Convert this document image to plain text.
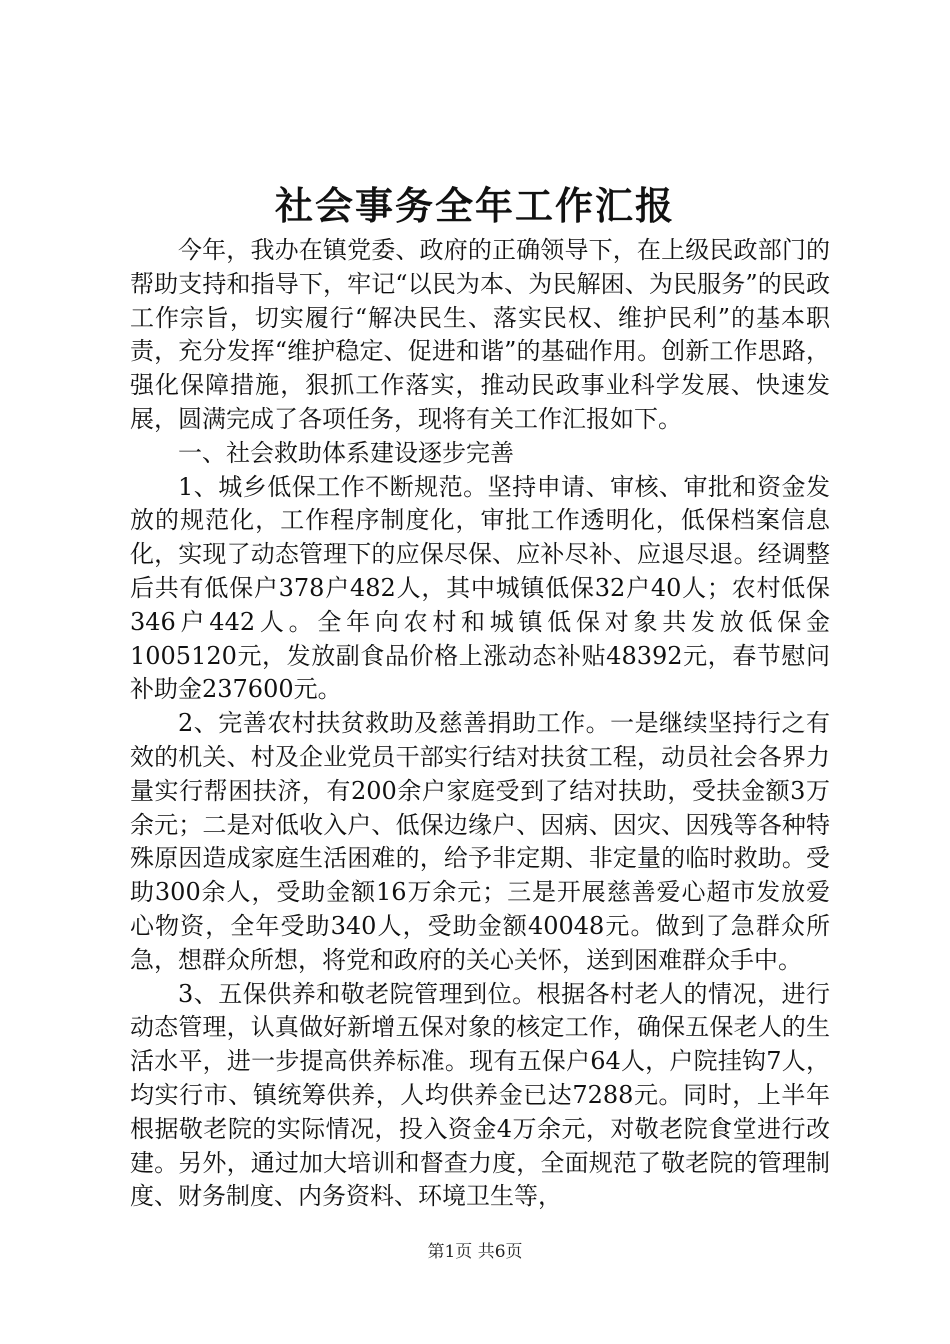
社会事务全年工作汇报

今年，我办在镇党委、政府的正确领导下，在上级民政部门的帮助支持和指导下，牢记“以民为本、为民解困、为民服务”的民政工作宗旨，切实履行“解决民生、落实民权、维护民利”的基本职责，充分发挥“维护稳定、促进和谐”的基础作用。创新工作思路，强化保障措施，狠抓工作落实，推动民政事业科学发展、快速发展，圆满完成了各项任务，现将有关工作汇报如下。

一、社会救助体系建设逐步完善

1、城乡低保工作不断规范。坚持申请、审核、审批和资金发放的规范化，工作程序制度化，审批工作透明化，低保档案信息化，实现了动态管理下的应保尽保、应补尽补、应退尽退。经调整后共有低保户378户482人，其中城镇低保32户40人；农村低保346户442人。全年向农村和城镇低保对象共发放低保金1005120元，发放副食品价格上涨动态补贴48392元，春节慰问补助金237600元。

2、完善农村扶贫救助及慈善捐助工作。一是继续坚持行之有效的机关、村及企业党员干部实行结对扶贫工程，动员社会各界力量实行帮困扶济，有200余户家庭受到了结对扶助，受扶金额3万余元；二是对低收入户、低保边缘户、因病、因灾、因残等各种特殊原因造成家庭生活困难的，给予非定期、非定量的临时救助。受助300余人，受助金额16万余元；三是开展慈善爱心超市发放爱心物资，全年受助340人，受助金额40048元。做到了急群众所急，想群众所想，将党和政府的关心关怀，送到困难群众手中。

3、五保供养和敬老院管理到位。根据各村老人的情况，进行动态管理，认真做好新增五保对象的核定工作，确保五保老人的生活水平，进一步提高供养标准。现有五保户64人，户院挂钩7人，均实行市、镇统筹供养，人均供养金已达7288元。同时，上半年根据敬老院的实际情况，投入资金4万余元，对敬老院食堂进行改建。另外，通过加大培训和督查力度，全面规范了敬老院的管理制度、财务制度、内务资料、环境卫生等，

第1页 共6页
